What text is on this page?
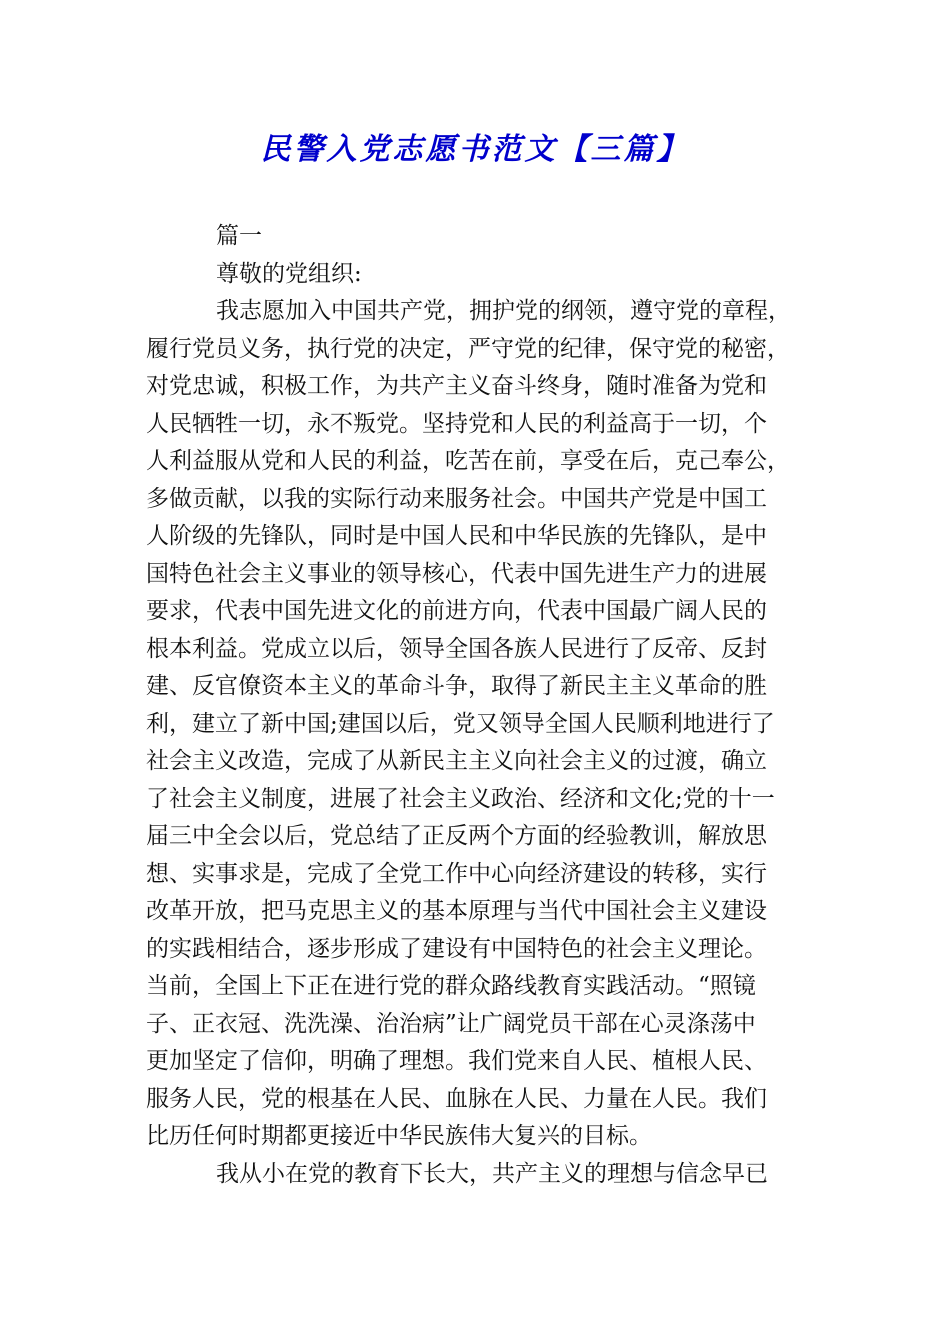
民警入党志愿书范文【三篇】
篇一
尊敬的党组织:
我志愿加入中国共产党，拥护党的纲领，遵守党的章程，
履行党员义务，执行党的决定，严守党的纪律，保守党的秘密，
对党忠诚，积极工作，为共产主义奋斗终身，随时准备为党和
人民牺牲一切，永不叛党。坚持党和人民的利益高于一切，个
人利益服从党和人民的利益，吃苦在前，享受在后，克己奉公，
多做贡献，以我的实际行动来服务社会。中国共产党是中国工
人阶级的先锋队，同时是中国人民和中华民族的先锋队，是中
国特色社会主义事业的领导核心，代表中国先进生产力的进展
要求，代表中国先进文化的前进方向，代表中国最广阔人民的
根本利益。党成立以后，领导全国各族人民进行了反帝、反封
建、反官僚资本主义的革命斗争，取得了新民主主义革命的胜
利，建立了新中国;建国以后，党又领导全国人民顺利地进行了
社会主义改造，完成了从新民主主义向社会主义的过渡，确立
了社会主义制度，进展了社会主义政治、经济和文化;党的十一
届三中全会以后，党总结了正反两个方面的经验教训，解放思
想、实事求是，完成了全党工作中心向经济建设的转移，实行
改革开放，把马克思主义的基本原理与当代中国社会主义建设
的实践相结合，逐步形成了建设有中国特色的社会主义理论。
当前，全国上下正在进行党的群众路线教育实践活动。“照镜
子、正衣冠、洗洗澡、治治病”让广阔党员干部在心灵涤荡中
更加坚定了信仰，明确了理想。我们党来自人民、植根人民、
服务人民，党的根基在人民、血脉在人民、力量在人民。我们
比历任何时期都更接近中华民族伟大复兴的目标。
我从小在党的教育下长大，共产主义的理想与信念早已
